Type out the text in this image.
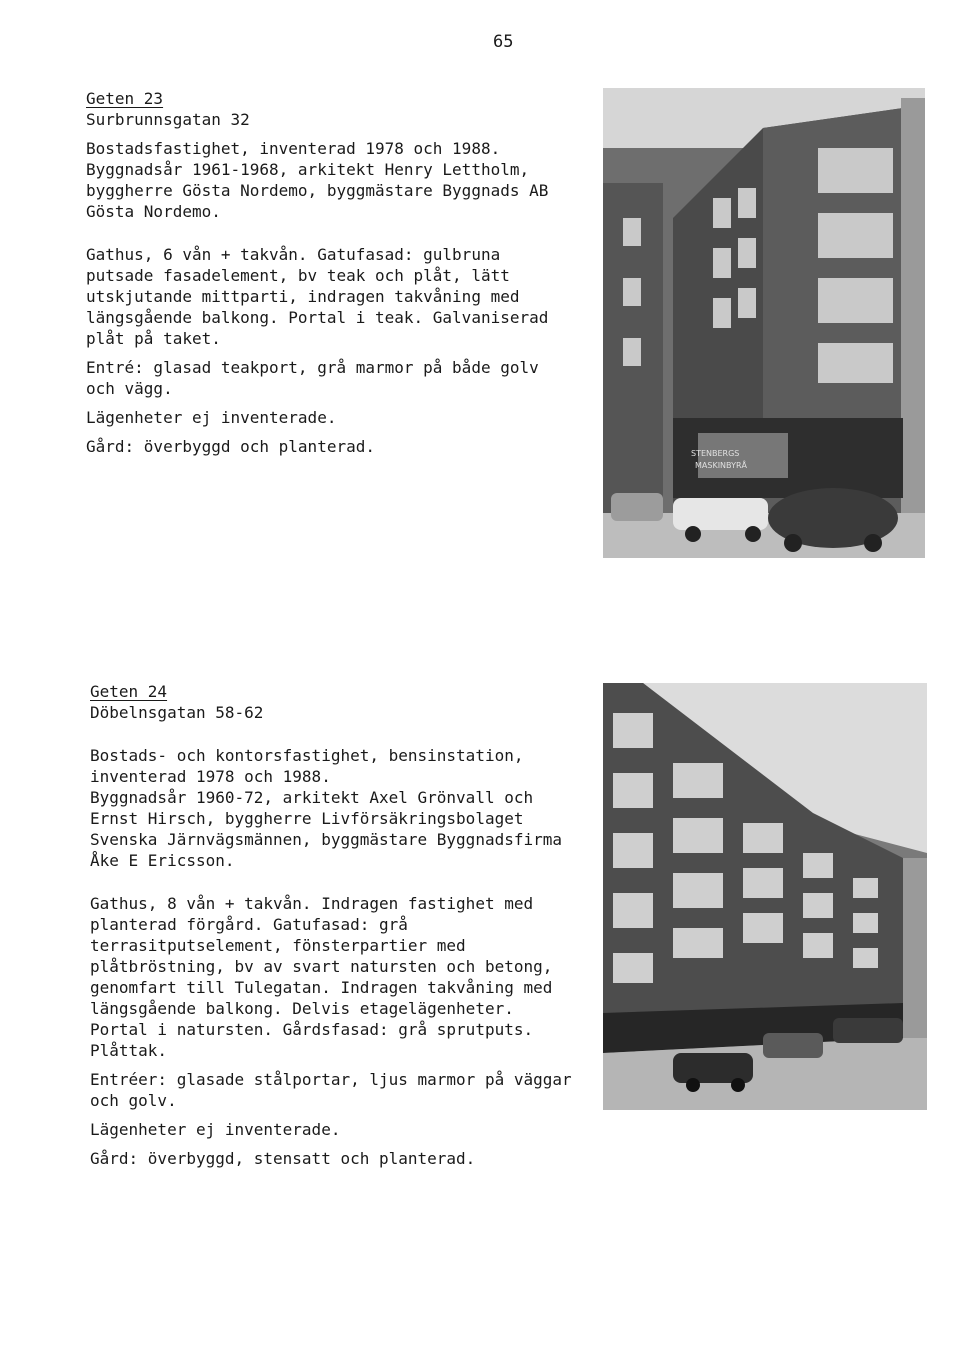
65

Geten 23

Surbrunnsgatan 32

Bostadsfastighet, inventerad 1978 och 1988. Byggnadsår 1961-1968, arkitekt Henry Lettholm, byggherre Gösta Nordemo, byggmästare Byggnads AB Gösta Nordemo.

Gathus, 6 vån + takvån. Gatufasad: gulbruna putsade fasadelement, bv teak och plåt, lätt utskjutande mittparti, indragen takvåning med längsgående balkong. Portal i teak. Galvaniserad plåt på taket.

Entré: glasad teakport, grå marmor på både golv och vägg.

Lägenheter ej inventerade.

Gård: överbyggd och planterad.	STENBERGS
MASKINBYRÅ

Geten 24

Döbelnsgatan 58-62

Bostads- och kontorsfastighet, bensinstation, inventerad 1978 och 1988.

Byggnadsår 1960-72, arkitekt Axel Grönvall och Ernst Hirsch, byggherre Livförsäkringsbolaget Svenska Järnvägsmännen, byggmästare Byggnadsfirma Åke E Ericsson.

Gathus, 8 vån + takvån. Indragen fastighet med planterad förgård. Gatufasad: grå terrasitputselement, fönsterpartier med plåtbröstning, bv av svart natursten och betong, genomfart till Tulegatan. Indragen takvåning med längsgående balkong. Delvis etagelägenheter. Portal i natursten. Gårdsfasad: grå sprutputs. Plåttak.

Entréer: glasade stålportar, ljus marmor på väggar och golv.

Lägenheter ej inventerade.

Gård: överbyggd, stensatt och planterad.
